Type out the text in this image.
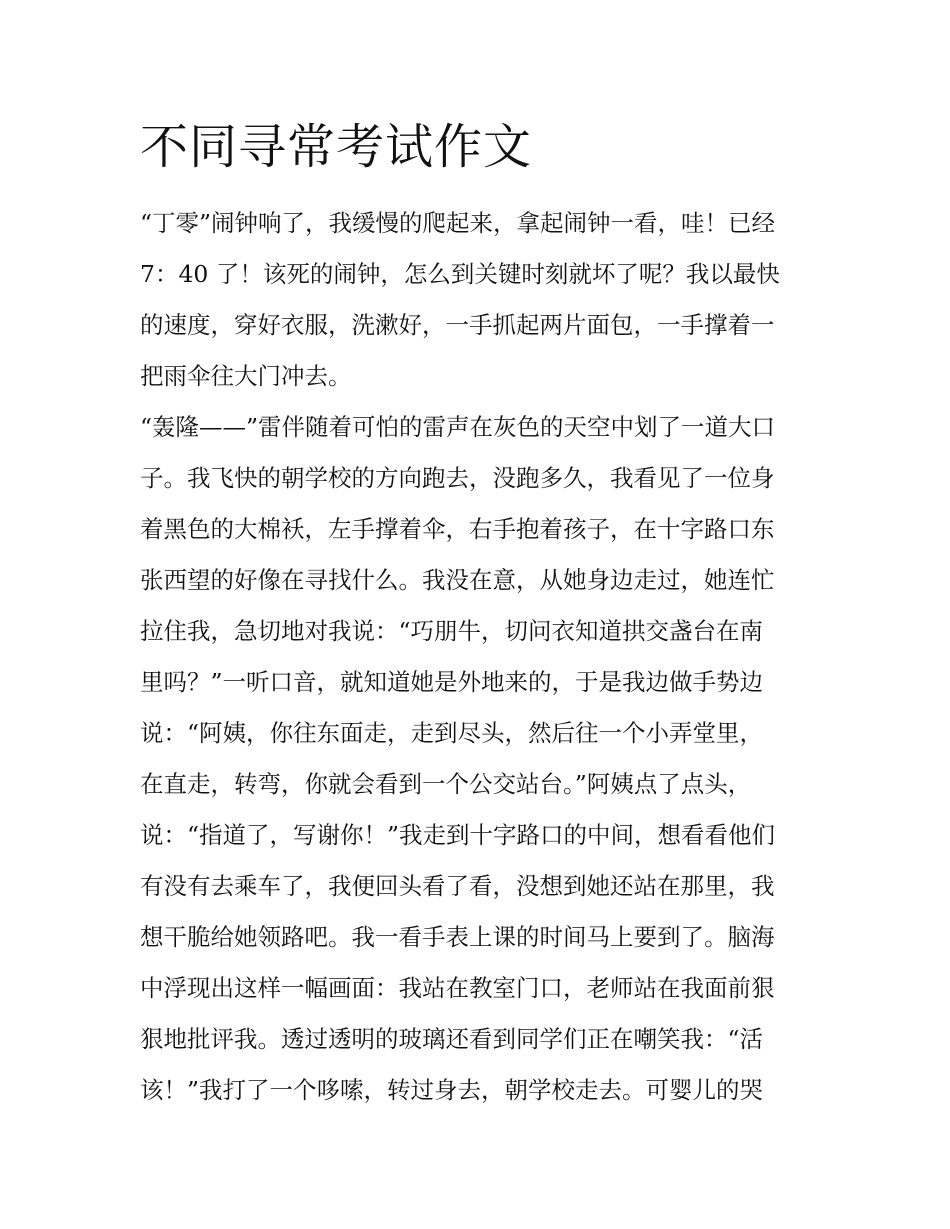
不同寻常考试作文
“丁零”闹钟响了，我缓慢的爬起来，拿起闹钟一看，哇！已经
7：40 了！该死的闹钟，怎么到关键时刻就坏了呢？我以最快
的速度，穿好衣服，洗漱好，一手抓起两片面包，一手撑着一
把雨伞往大门冲去。
“轰隆——”雷伴随着可怕的雷声在灰色的天空中划了一道大口
子。我飞快的朝学校的方向跑去，没跑多久，我看见了一位身
着黑色的大棉袄，左手撑着伞，右手抱着孩子，在十字路口东
张西望的好像在寻找什么。我没在意，从她身边走过，她连忙
拉住我，急切地对我说：“巧朋牛，切问衣知道拱交盏台在南
里吗？”一听口音，就知道她是外地来的，于是我边做手势边
说：“阿姨，你往东面走，走到尽头，然后往一个小弄堂里，
在直走，转弯，你就会看到一个公交站台。”阿姨点了点头，
说：“指道了，写谢你！”我走到十字路口的中间，想看看他们
有没有去乘车了，我便回头看了看，没想到她还站在那里，我
想干脆给她领路吧。我一看手表上课的时间马上要到了。脑海
中浮现出这样一幅画面：我站在教室门口，老师站在我面前狠
狠地批评我。透过透明的玻璃还看到同学们正在嘲笑我：“活
该！”我打了一个哆嗦，转过身去，朝学校走去。可婴儿的哭
